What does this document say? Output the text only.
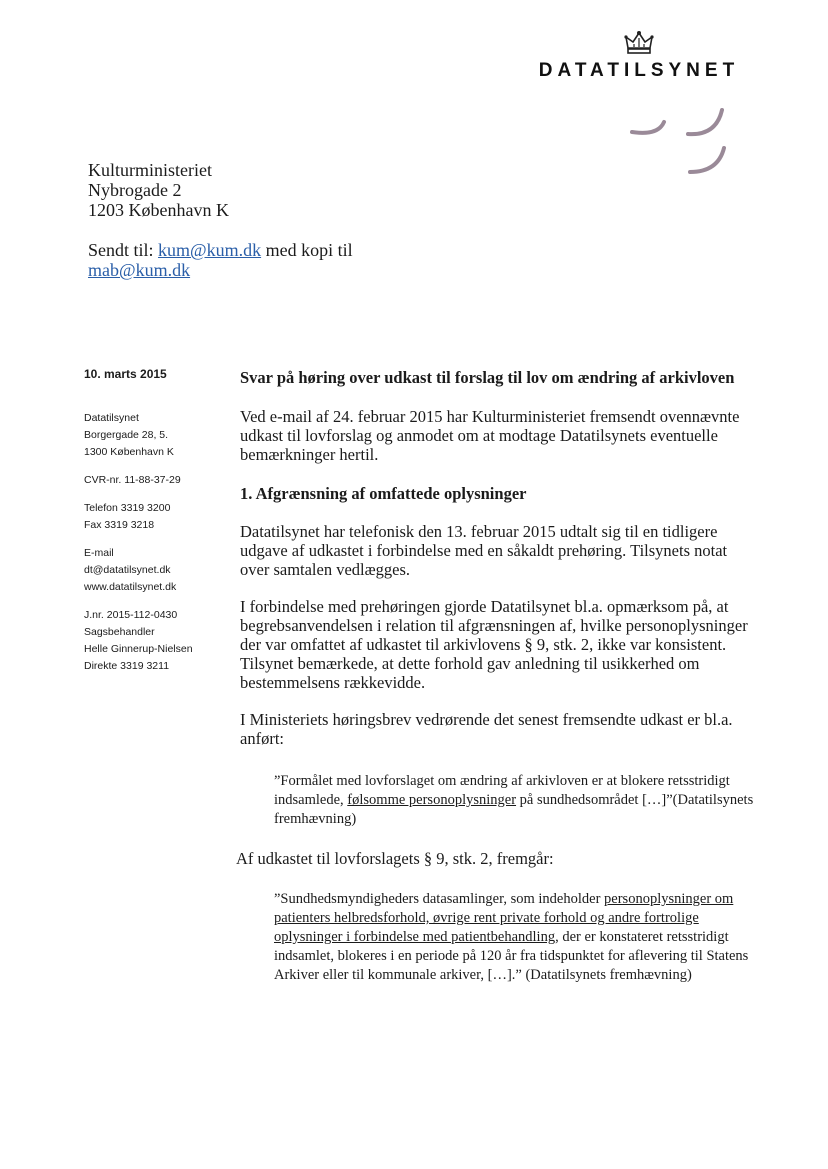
DATATILSYNET
Kulturministeriet
Nybrogade 2
1203 København K
Sendt til: kum@kum.dk med kopi til
mab@kum.dk
10. marts 2015
Datatilsynet
Borgergade 28, 5.
1300 København K
CVR-nr. 11-88-37-29
Telefon 3319 3200
Fax 3319 3218
E-mail
dt@datatilsynet.dk
www.datatilsynet.dk
J.nr. 2015-112-0430
Sagsbehandler
Helle Ginnerup-Nielsen
Direkte 3319 3211
Svar på høring over udkast til forslag til lov om ændring af arkivloven

Ved e-mail af 24. februar 2015 har Kulturministeriet fremsendt ovennævnte udkast til lovforslag og anmodet om at modtage Datatilsynets eventuelle bemærkninger hertil.

1. Afgrænsning af omfattede oplysninger

Datatilsynet har telefonisk den 13. februar 2015 udtalt sig til en tidligere udgave af udkastet i forbindelse med en såkaldt prehøring. Tilsynets notat over samtalen vedlægges.

I forbindelse med prehøringen gjorde Datatilsynet bl.a. opmærksom på, at begrebsanvendelsen i relation til afgrænsningen af, hvilke personoplysninger der var omfattet af udkastet til arkivlovens § 9, stk. 2, ikke var konsistent. Tilsynet bemærkede, at dette forhold gav anledning til usikkerhed om bestemmelsens rækkevidde.

I Ministeriets høringsbrev vedrørende det senest fremsendte udkast er bl.a. anført:

”Formålet med lovforslaget om ændring af arkivloven er at blokere retsstridigt indsamlede, følsomme personoplysninger på sundhedsområdet […]”(Datatilsynets fremhævning)

Af udkastet til lovforslagets § 9, stk. 2, fremgår:

”Sundhedsmyndigheders datasamlinger, som indeholder personoplysninger om patienters helbredsforhold, øvrige rent private forhold og andre fortrolige oplysninger i forbindelse med patientbehandling, der er konstateret retsstridigt indsamlet, blokeres i en periode på 120 år fra tidspunktet for aflevering til Statens Arkiver eller til kommunale arkiver, […].” (Datatilsynets fremhævning)
